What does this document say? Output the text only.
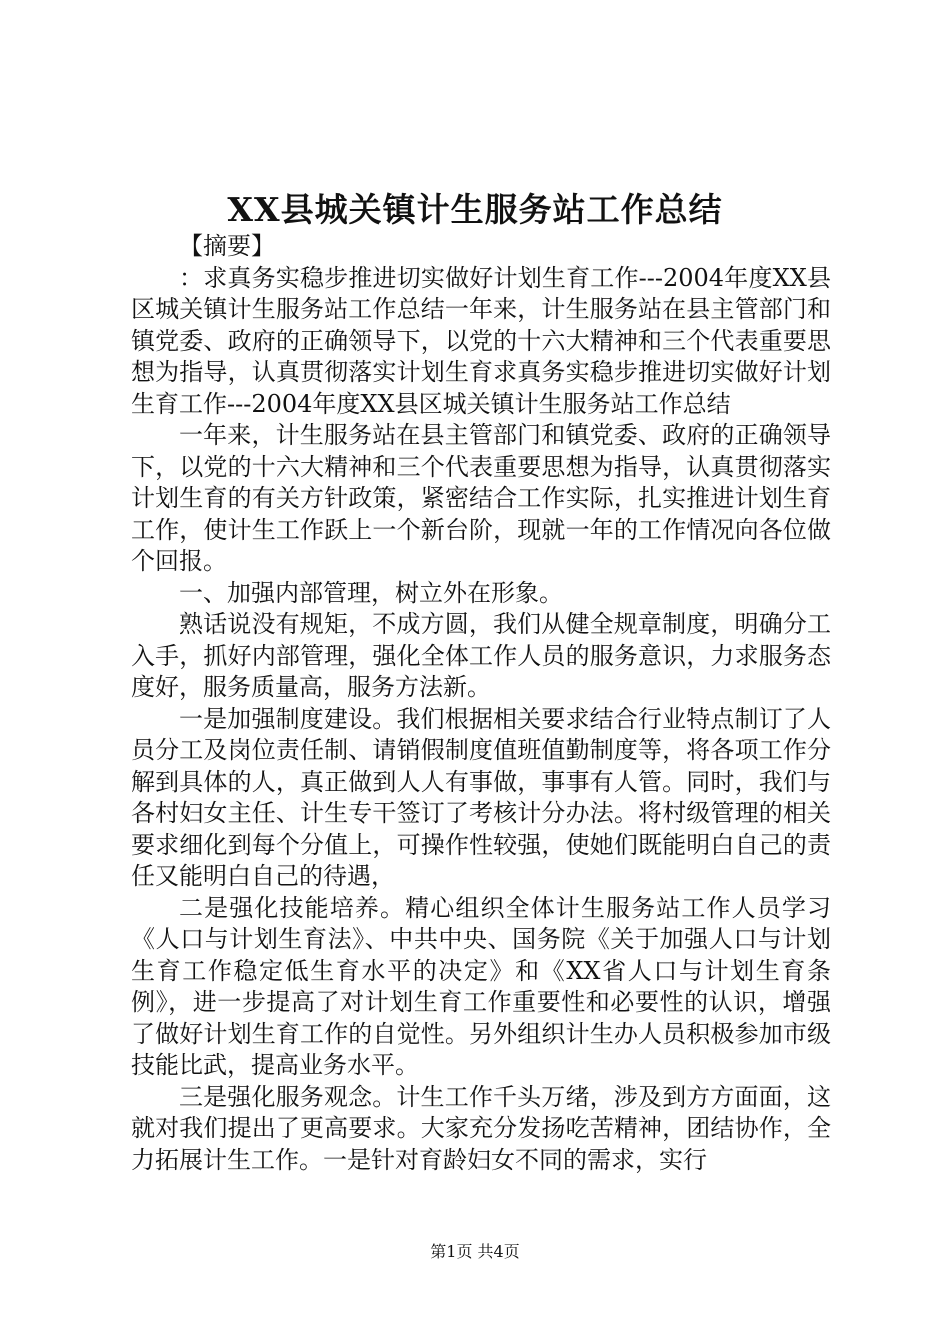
XX县城关镇计生服务站工作总结

【摘要】

：求真务实稳步推进切实做好计划生育工作---2004年度XX县区城关镇计生服务站工作总结一年来，计生服务站在县主管部门和镇党委、政府的正确领导下，以党的十六大精神和三个代表重要思想为指导，认真贯彻落实计划生育求真务实稳步推进切实做好计划生育工作---2004年度XX县区城关镇计生服务站工作总结

一年来，计生服务站在县主管部门和镇党委、政府的正确领导下，以党的十六大精神和三个代表重要思想为指导，认真贯彻落实计划生育的有关方针政策，紧密结合工作实际，扎实推进计划生育工作，使计生工作跃上一个新台阶，现就一年的工作情况向各位做个回报。

一、加强内部管理，树立外在形象。

熟话说没有规矩，不成方圆，我们从健全规章制度，明确分工入手，抓好内部管理，强化全体工作人员的服务意识，力求服务态度好，服务质量高，服务方法新。

一是加强制度建设。我们根据相关要求结合行业特点制订了人员分工及岗位责任制、请销假制度值班值勤制度等，将各项工作分解到具体的人，真正做到人人有事做，事事有人管。同时，我们与各村妇女主任、计生专干签订了考核计分办法。将村级管理的相关要求细化到每个分值上，可操作性较强，使她们既能明白自己的责任又能明白自己的待遇，

二是强化技能培养。精心组织全体计生服务站工作人员学习《人口与计划生育法》、中共中央、国务院《关于加强人口与计划生育工作稳定低生育水平的决定》和《XX省人口与计划生育条例》，进一步提高了对计划生育工作重要性和必要性的认识，增强了做好计划生育工作的自觉性。另外组织计生办人员积极参加市级技能比武，提高业务水平。

三是强化服务观念。计生工作千头万绪，涉及到方方面面，这就对我们提出了更高要求。大家充分发扬吃苦精神，团结协作，全力拓展计生工作。一是针对育龄妇女不同的需求，实行

第1页 共4页
